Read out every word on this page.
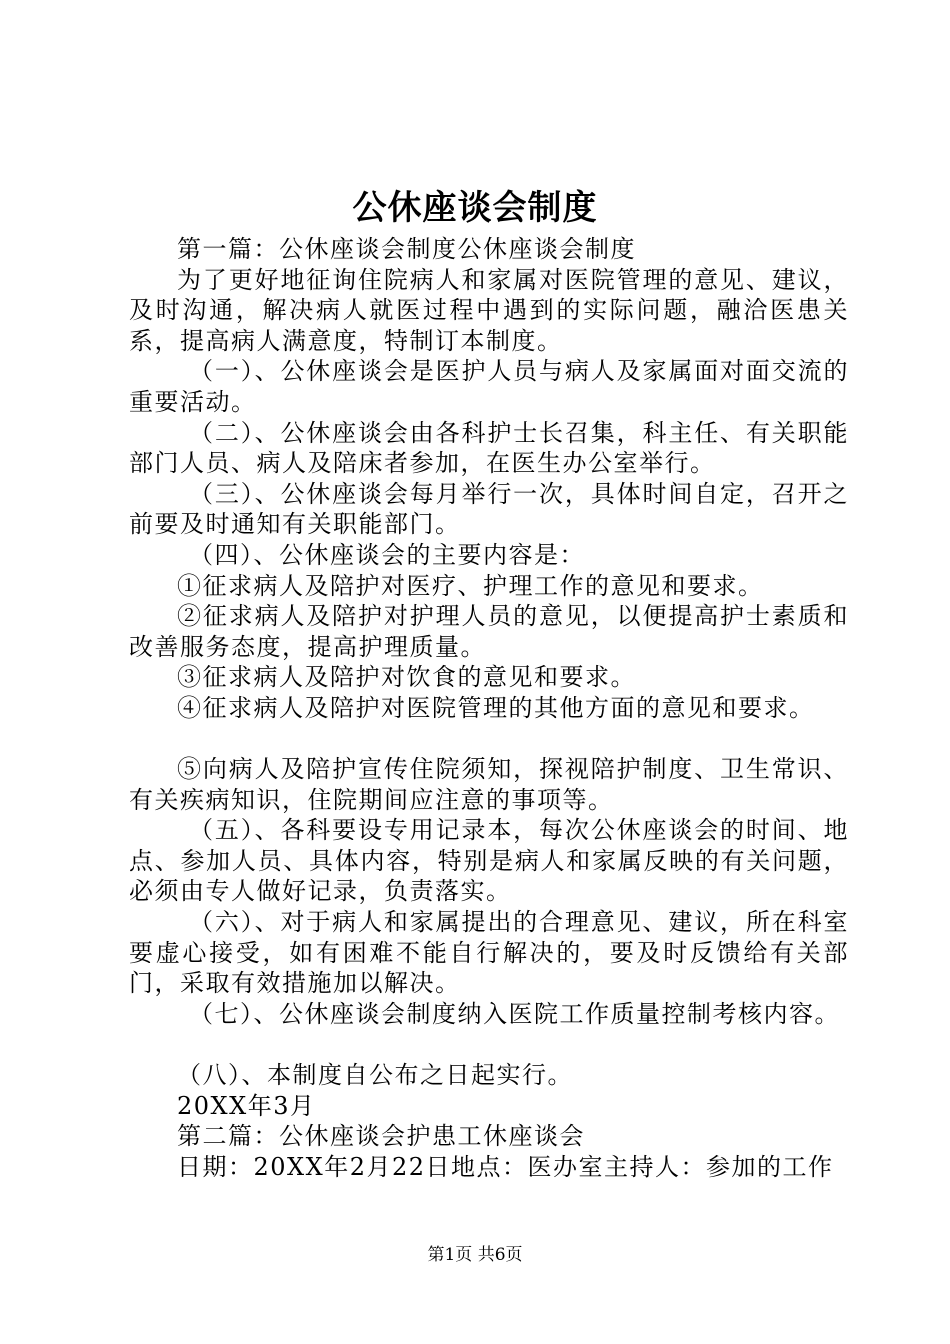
公休座谈会制度

第一篇：公休座谈会制度公休座谈会制度

为了更好地征询住院病人和家属对医院管理的意见、建议，及时沟通，解决病人就医过程中遇到的实际问题，融洽医患关系，提高病人满意度，特制订本制度。

（一）、公休座谈会是医护人员与病人及家属面对面交流的重要活动。

（二）、公休座谈会由各科护士长召集，科主任、有关职能部门人员、病人及陪床者参加，在医生办公室举行。

（三）、公休座谈会每月举行一次，具体时间自定，召开之前要及时通知有关职能部门。

（四）、公休座谈会的主要内容是：

①征求病人及陪护对医疗、护理工作的意见和要求。

②征求病人及陪护对护理人员的意见，以便提高护士素质和改善服务态度，提高护理质量。

③征求病人及陪护对饮食的意见和要求。

④征求病人及陪护对医院管理的其他方面的意见和要求。

⑤向病人及陪护宣传住院须知，探视陪护制度、卫生常识、有关疾病知识，住院期间应注意的事项等。

（五）、各科要设专用记录本，每次公休座谈会的时间、地点、参加人员、具体内容，特别是病人和家属反映的有关问题，必须由专人做好记录，负责落实。

（六）、对于病人和家属提出的合理意见、建议，所在科室要虚心接受，如有困难不能自行解决的，要及时反馈给有关部门，采取有效措施加以解决。

（七）、公休座谈会制度纳入医院工作质量控制考核内容。

（八）、本制度自公布之日起实行。

20XX年3月

第二篇：公休座谈会护患工休座谈会

日期：20XX年2月22日地点：医办室主持人：参加的工作

第1页 共6页
